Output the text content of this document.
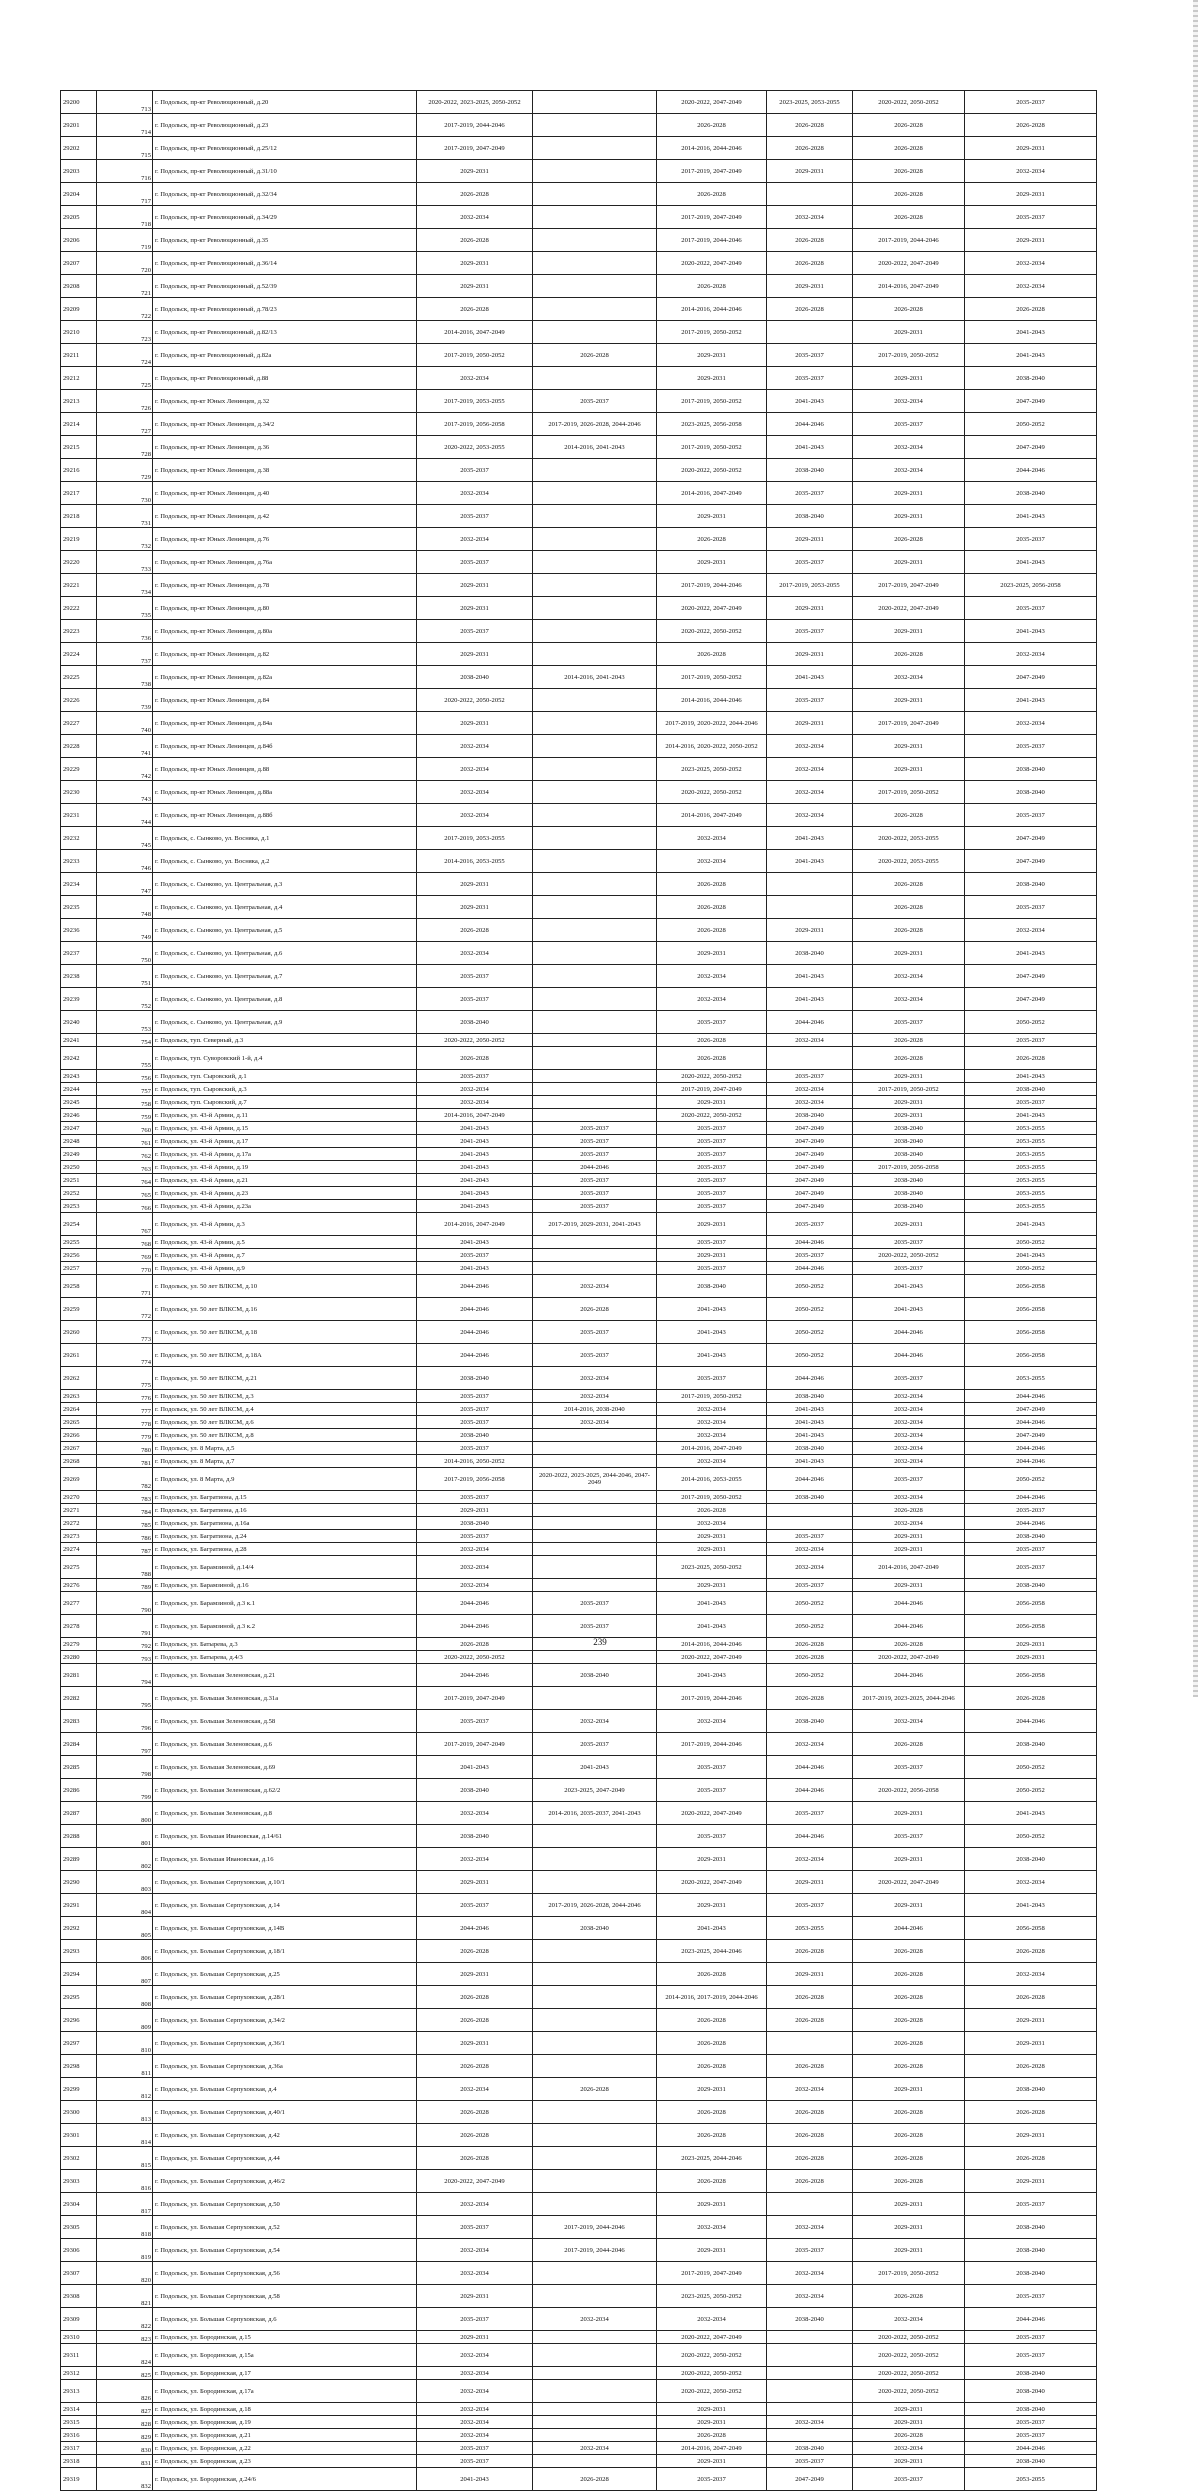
29200	713	г. Подольск, пр-кт Революционный, д.20	2020-2022, 2023-2025, 2050-2052		2020-2022, 2047-2049	2023-2025, 2053-2055	2020-2022, 2050-2052	2035-2037
29201	714	г. Подольск, пр-кт Революционный, д.23	2017-2019, 2044-2046		2026-2028	2026-2028	2026-2028	2026-2028
29202	715	г. Подольск, пр-кт Революционный, д.25/12	2017-2019, 2047-2049		2014-2016, 2044-2046	2026-2028	2026-2028	2029-2031
29203	716	г. Подольск, пр-кт Революционный, д.31/10	2029-2031		2017-2019, 2047-2049	2029-2031	2026-2028	2032-2034
29204	717	г. Подольск, пр-кт Революционный, д.32/34	2026-2028		2026-2028		2026-2028	2029-2031
29205	718	г. Подольск, пр-кт Революционный, д.34/29	2032-2034		2017-2019, 2047-2049	2032-2034	2026-2028	2035-2037
29206	719	г. Подольск, пр-кт Революционный, д.35	2026-2028		2017-2019, 2044-2046	2026-2028	2017-2019, 2044-2046	2029-2031
29207	720	г. Подольск, пр-кт Революционный, д.36/14	2029-2031		2020-2022, 2047-2049	2026-2028	2020-2022, 2047-2049	2032-2034
29208	721	г. Подольск, пр-кт Революционный, д.52/39	2029-2031		2026-2028	2029-2031	2014-2016, 2047-2049	2032-2034
29209	722	г. Подольск, пр-кт Революционный, д.78/23	2026-2028		2014-2016, 2044-2046	2026-2028	2026-2028	2026-2028
29210	723	г. Подольск, пр-кт Революционный, д.82/13	2014-2016, 2047-2049		2017-2019, 2050-2052		2029-2031	2041-2043
29211	724	г. Подольск, пр-кт Революционный, д.82а	2017-2019, 2050-2052	2026-2028	2029-2031	2035-2037	2017-2019, 2050-2052	2041-2043
29212	725	г. Подольск, пр-кт Революционный, д.88	2032-2034		2029-2031	2035-2037	2029-2031	2038-2040
29213	726	г. Подольск, пр-кт Юных Ленинцев, д.32	2017-2019, 2053-2055	2035-2037	2017-2019, 2050-2052	2041-2043	2032-2034	2047-2049
29214	727	г. Подольск, пр-кт Юных Ленинцев, д.34/2	2017-2019, 2056-2058	2017-2019, 2026-2028, 2044-2046	2023-2025, 2056-2058	2044-2046	2035-2037	2050-2052
29215	728	г. Подольск, пр-кт Юных Ленинцев, д.36	2020-2022, 2053-2055	2014-2016, 2041-2043	2017-2019, 2050-2052	2041-2043	2032-2034	2047-2049
29216	729	г. Подольск, пр-кт Юных Ленинцев, д.38	2035-2037		2020-2022, 2050-2052	2038-2040	2032-2034	2044-2046
29217	730	г. Подольск, пр-кт Юных Ленинцев, д.40	2032-2034		2014-2016, 2047-2049	2035-2037	2029-2031	2038-2040
29218	731	г. Подольск, пр-кт Юных Ленинцев, д.42	2035-2037		2029-2031	2038-2040	2029-2031	2041-2043
29219	732	г. Подольск, пр-кт Юных Ленинцев, д.76	2032-2034		2026-2028	2029-2031	2026-2028	2035-2037
29220	733	г. Подольск, пр-кт Юных Ленинцев, д.76а	2035-2037		2029-2031	2035-2037	2029-2031	2041-2043
29221	734	г. Подольск, пр-кт Юных Ленинцев, д.78	2029-2031		2017-2019, 2044-2046	2017-2019, 2053-2055	2017-2019, 2047-2049	2023-2025, 2056-2058
29222	735	г. Подольск, пр-кт Юных Ленинцев, д.80	2029-2031		2020-2022, 2047-2049	2029-2031	2020-2022, 2047-2049	2035-2037
29223	736	г. Подольск, пр-кт Юных Ленинцев, д.80а	2035-2037		2020-2022, 2050-2052	2035-2037	2029-2031	2041-2043
29224	737	г. Подольск, пр-кт Юных Ленинцев, д.82	2029-2031		2026-2028	2029-2031	2026-2028	2032-2034
29225	738	г. Подольск, пр-кт Юных Ленинцев, д.82а	2038-2040	2014-2016, 2041-2043	2017-2019, 2050-2052	2041-2043	2032-2034	2047-2049
29226	739	г. Подольск, пр-кт Юных Ленинцев, д.84	2020-2022, 2050-2052		2014-2016, 2044-2046	2035-2037	2029-2031	2041-2043
29227	740	г. Подольск, пр-кт Юных Ленинцев, д.84а	2029-2031		2017-2019, 2020-2022, 2044-2046	2029-2031	2017-2019, 2047-2049	2032-2034
29228	741	г. Подольск, пр-кт Юных Ленинцев, д.84б	2032-2034		2014-2016, 2020-2022, 2050-2052	2032-2034	2029-2031	2035-2037
29229	742	г. Подольск, пр-кт Юных Ленинцев, д.88	2032-2034		2023-2025, 2050-2052	2032-2034	2029-2031	2038-2040
29230	743	г. Подольск, пр-кт Юных Ленинцев, д.88а	2032-2034		2020-2022, 2050-2052	2032-2034	2017-2019, 2050-2052	2038-2040
29231	744	г. Подольск, пр-кт Юных Ленинцев, д.88б	2032-2034		2014-2016, 2047-2049	2032-2034	2026-2028	2035-2037
29232	745	г. Подольск, с. Сынково, ул. Восняка, д.1	2017-2019, 2053-2055		2032-2034	2041-2043	2020-2022, 2053-2055	2047-2049
29233	746	г. Подольск, с. Сынково, ул. Восняка, д.2	2014-2016, 2053-2055		2032-2034	2041-2043	2020-2022, 2053-2055	2047-2049
29234	747	г. Подольск, с. Сынково, ул. Центральная, д.3	2029-2031		2026-2028		2026-2028	2038-2040
29235	748	г. Подольск, с. Сынково, ул. Центральная, д.4	2029-2031		2026-2028		2026-2028	2035-2037
29236	749	г. Подольск, с. Сынково, ул. Центральная, д.5	2026-2028		2026-2028	2029-2031	2026-2028	2032-2034
29237	750	г. Подольск, с. Сынково, ул. Центральная, д.6	2032-2034		2029-2031	2038-2040	2029-2031	2041-2043
29238	751	г. Подольск, с. Сынково, ул. Центральная, д.7	2035-2037		2032-2034	2041-2043	2032-2034	2047-2049
29239	752	г. Подольск, с. Сынково, ул. Центральная, д.8	2035-2037		2032-2034	2041-2043	2032-2034	2047-2049
29240	753	г. Подольск, с. Сынково, ул. Центральная, д.9	2038-2040		2035-2037	2044-2046	2035-2037	2050-2052
29241	754	г. Подольск, туп. Северный, д.3	2020-2022, 2050-2052		2026-2028	2032-2034	2026-2028	2035-2037
29242	755	г. Подольск, туп. Суворовский 1-й, д.4	2026-2028		2026-2028		2026-2028	2026-2028
29243	756	г. Подольск, туп. Сыровский, д.1	2035-2037		2020-2022, 2050-2052	2035-2037	2029-2031	2041-2043
29244	757	г. Подольск, туп. Сыровский, д.3	2032-2034		2017-2019, 2047-2049	2032-2034	2017-2019, 2050-2052	2038-2040
29245	758	г. Подольск, туп. Сыровский, д.7	2032-2034		2029-2031	2032-2034	2029-2031	2035-2037
29246	759	г. Подольск, ул. 43-й Армии, д.11	2014-2016, 2047-2049		2020-2022, 2050-2052	2038-2040	2029-2031	2041-2043
29247	760	г. Подольск, ул. 43-й Армии, д.15	2041-2043	2035-2037	2035-2037	2047-2049	2038-2040	2053-2055
29248	761	г. Подольск, ул. 43-й Армии, д.17	2041-2043	2035-2037	2035-2037	2047-2049	2038-2040	2053-2055
29249	762	г. Подольск, ул. 43-й Армии, д.17а	2041-2043	2035-2037	2035-2037	2047-2049	2038-2040	2053-2055
29250	763	г. Подольск, ул. 43-й Армии, д.19	2041-2043	2044-2046	2035-2037	2047-2049	2017-2019, 2056-2058	2053-2055
29251	764	г. Подольск, ул. 43-й Армии, д.21	2041-2043	2035-2037	2035-2037	2047-2049	2038-2040	2053-2055
29252	765	г. Подольск, ул. 43-й Армии, д.23	2041-2043	2035-2037	2035-2037	2047-2049	2038-2040	2053-2055
29253	766	г. Подольск, ул. 43-й Армии, д.23а	2041-2043	2035-2037	2035-2037	2047-2049	2038-2040	2053-2055
29254	767	г. Подольск, ул. 43-й Армии, д.3	2014-2016, 2047-2049	2017-2019, 2029-2031, 2041-2043	2029-2031	2035-2037	2029-2031	2041-2043
29255	768	г. Подольск, ул. 43-й Армии, д.5	2041-2043		2035-2037	2044-2046	2035-2037	2050-2052
29256	769	г. Подольск, ул. 43-й Армии, д.7	2035-2037		2029-2031	2035-2037	2020-2022, 2050-2052	2041-2043
29257	770	г. Подольск, ул. 43-й Армии, д.9	2041-2043		2035-2037	2044-2046	2035-2037	2050-2052
29258	771	г. Подольск, ул. 50 лет ВЛКСМ, д.10	2044-2046	2032-2034	2038-2040	2050-2052	2041-2043	2056-2058
29259	772	г. Подольск, ул. 50 лет ВЛКСМ, д.16	2044-2046	2026-2028	2041-2043	2050-2052	2041-2043	2056-2058
29260	773	г. Подольск, ул. 50 лет ВЛКСМ, д.18	2044-2046	2035-2037	2041-2043	2050-2052	2044-2046	2056-2058
29261	774	г. Подольск, ул. 50 лет ВЛКСМ, д.18А	2044-2046	2035-2037	2041-2043	2050-2052	2044-2046	2056-2058
29262	775	г. Подольск, ул. 50 лет ВЛКСМ, д.21	2038-2040	2032-2034	2035-2037	2044-2046	2035-2037	2053-2055
29263	776	г. Подольск, ул. 50 лет ВЛКСМ, д.3	2035-2037	2032-2034	2017-2019, 2050-2052	2038-2040	2032-2034	2044-2046
29264	777	г. Подольск, ул. 50 лет ВЛКСМ, д.4	2035-2037	2014-2016, 2038-2040	2032-2034	2041-2043	2032-2034	2047-2049
29265	778	г. Подольск, ул. 50 лет ВЛКСМ, д.6	2035-2037	2032-2034	2032-2034	2041-2043	2032-2034	2044-2046
29266	779	г. Подольск, ул. 50 лет ВЛКСМ, д.8	2038-2040		2032-2034	2041-2043	2032-2034	2047-2049
29267	780	г. Подольск, ул. 8 Марта, д.5	2035-2037		2014-2016, 2047-2049	2038-2040	2032-2034	2044-2046
29268	781	г. Подольск, ул. 8 Марта, д.7	2014-2016, 2050-2052		2032-2034	2041-2043	2032-2034	2044-2046
29269	782	г. Подольск, ул. 8 Марта, д.9	2017-2019, 2056-2058	2020-2022, 2023-2025, 2044-2046, 2047-2049	2014-2016, 2053-2055	2044-2046	2035-2037	2050-2052
29270	783	г. Подольск, ул. Багратиона, д.15	2035-2037		2017-2019, 2050-2052	2038-2040	2032-2034	2044-2046
29271	784	г. Подольск, ул. Багратиона, д.16	2029-2031		2026-2028		2026-2028	2035-2037
29272	785	г. Подольск, ул. Багратиона, д.16а	2038-2040		2032-2034		2032-2034	2044-2046
29273	786	г. Подольск, ул. Багратиона, д.24	2035-2037		2029-2031	2035-2037	2029-2031	2038-2040
29274	787	г. Подольск, ул. Багратиона, д.28	2032-2034		2029-2031	2032-2034	2029-2031	2035-2037
29275	788	г. Подольск, ул. Барамзиной, д.14/4	2032-2034		2023-2025, 2050-2052	2032-2034	2014-2016, 2047-2049	2035-2037
29276	789	г. Подольск, ул. Барамзиной, д.16	2032-2034		2029-2031	2035-2037	2029-2031	2038-2040
29277	790	г. Подольск, ул. Барамзиной, д.3 к.1	2044-2046	2035-2037	2041-2043	2050-2052	2044-2046	2056-2058
29278	791	г. Подольск, ул. Барамзиной, д.3 к.2	2044-2046	2035-2037	2041-2043	2050-2052	2044-2046	2056-2058
29279	792	г. Подольск, ул. Батырева, д.3	2026-2028		2014-2016, 2044-2046	2026-2028	2026-2028	2029-2031
29280	793	г. Подольск, ул. Батырева, д.4/3	2020-2022, 2050-2052		2020-2022, 2047-2049	2026-2028	2020-2022, 2047-2049	2029-2031
29281	794	г. Подольск, ул. Большая Зеленовская, д.21	2044-2046	2038-2040	2041-2043	2050-2052	2044-2046	2056-2058
29282	795	г. Подольск, ул. Большая Зеленовская, д.31а	2017-2019, 2047-2049		2017-2019, 2044-2046	2026-2028	2017-2019, 2023-2025, 2044-2046	2026-2028
29283	796	г. Подольск, ул. Большая Зеленовская, д.58	2035-2037	2032-2034	2032-2034	2038-2040	2032-2034	2044-2046
29284	797	г. Подольск, ул. Большая Зеленовская, д.6	2017-2019, 2047-2049	2035-2037	2017-2019, 2044-2046	2032-2034	2026-2028	2038-2040
29285	798	г. Подольск, ул. Большая Зеленовская, д.69	2041-2043	2041-2043	2035-2037	2044-2046	2035-2037	2050-2052
29286	799	г. Подольск, ул. Большая Зеленовская, д.62/2	2038-2040	2023-2025, 2047-2049	2035-2037	2044-2046	2020-2022, 2056-2058	2050-2052
29287	800	г. Подольск, ул. Большая Зеленовская, д.8	2032-2034	2014-2016, 2035-2037, 2041-2043	2020-2022, 2047-2049	2035-2037	2029-2031	2041-2043
29288	801	г. Подольск, ул. Большая Ивановская, д.14/61	2038-2040		2035-2037	2044-2046	2035-2037	2050-2052
29289	802	г. Подольск, ул. Большая Ивановская, д.16	2032-2034		2029-2031	2032-2034	2029-2031	2038-2040
29290	803	г. Подольск, ул. Большая Серпуховская, д.10/1	2029-2031		2020-2022, 2047-2049	2029-2031	2020-2022, 2047-2049	2032-2034
29291	804	г. Подольск, ул. Большая Серпуховская, д.14	2035-2037	2017-2019, 2026-2028, 2044-2046	2029-2031	2035-2037	2029-2031	2041-2043
29292	805	г. Подольск, ул. Большая Серпуховская, д.14В	2044-2046	2038-2040	2041-2043	2053-2055	2044-2046	2056-2058
29293	806	г. Подольск, ул. Большая Серпуховская, д.18/1	2026-2028		2023-2025, 2044-2046	2026-2028	2026-2028	2026-2028
29294	807	г. Подольск, ул. Большая Серпуховская, д.25	2029-2031		2026-2028	2029-2031	2026-2028	2032-2034
29295	808	г. Подольск, ул. Большая Серпуховская, д.28/1	2026-2028		2014-2016, 2017-2019, 2044-2046	2026-2028	2026-2028	2026-2028
29296	809	г. Подольск, ул. Большая Серпуховская, д.34/2	2026-2028		2026-2028	2026-2028	2026-2028	2029-2031
29297	810	г. Подольск, ул. Большая Серпуховская, д.36/1	2029-2031		2026-2028		2026-2028	2029-2031
29298	811	г. Подольск, ул. Большая Серпуховская, д.36а	2026-2028		2026-2028	2026-2028	2026-2028	2026-2028
29299	812	г. Подольск, ул. Большая Серпуховская, д.4	2032-2034	2026-2028	2029-2031	2032-2034	2029-2031	2038-2040
29300	813	г. Подольск, ул. Большая Серпуховская, д.40/1	2026-2028		2026-2028	2026-2028	2026-2028	2026-2028
29301	814	г. Подольск, ул. Большая Серпуховская, д.42	2026-2028		2026-2028	2026-2028	2026-2028	2029-2031
29302	815	г. Подольск, ул. Большая Серпуховская, д.44	2026-2028		2023-2025, 2044-2046	2026-2028	2026-2028	2026-2028
29303	816	г. Подольск, ул. Большая Серпуховская, д.46/2	2020-2022, 2047-2049		2026-2028	2026-2028	2026-2028	2029-2031
29304	817	г. Подольск, ул. Большая Серпуховская, д.50	2032-2034		2029-2031		2029-2031	2035-2037
29305	818	г. Подольск, ул. Большая Серпуховская, д.52	2035-2037	2017-2019, 2044-2046	2032-2034	2032-2034	2029-2031	2038-2040
29306	819	г. Подольск, ул. Большая Серпуховская, д.54	2032-2034	2017-2019, 2044-2046	2029-2031	2035-2037	2029-2031	2038-2040
29307	820	г. Подольск, ул. Большая Серпуховская, д.56	2032-2034		2017-2019, 2047-2049	2032-2034	2017-2019, 2050-2052	2038-2040
29308	821	г. Подольск, ул. Большая Серпуховская, д.58	2029-2031		2023-2025, 2050-2052	2032-2034	2026-2028	2035-2037
29309	822	г. Подольск, ул. Большая Серпуховская, д.6	2035-2037	2032-2034	2032-2034	2038-2040	2032-2034	2044-2046
29310	823	г. Подольск, ул. Бородинская, д.15	2029-2031		2020-2022, 2047-2049		2020-2022, 2050-2052	2035-2037
29311	824	г. Подольск, ул. Бородинская, д.15а	2032-2034		2020-2022, 2050-2052		2020-2022, 2050-2052	2035-2037
29312	825	г. Подольск, ул. Бородинская, д.17	2032-2034		2020-2022, 2050-2052		2020-2022, 2050-2052	2038-2040
29313	826	г. Подольск, ул. Бородинская, д.17а	2032-2034		2020-2022, 2050-2052		2020-2022, 2050-2052	2038-2040
29314	827	г. Подольск, ул. Бородинская, д.18	2032-2034		2029-2031		2029-2031	2038-2040
29315	828	г. Подольск, ул. Бородинская, д.19	2032-2034		2029-2031	2032-2034	2029-2031	2035-2037
29316	829	г. Подольск, ул. Бородинская, д.21	2032-2034		2026-2028		2026-2028	2035-2037
29317	830	г. Подольск, ул. Бородинская, д.22	2035-2037	2032-2034	2014-2016, 2047-2049	2038-2040	2032-2034	2044-2046
29318	831	г. Подольск, ул. Бородинская, д.23	2035-2037		2029-2031	2035-2037	2029-2031	2038-2040
29319	832	г. Подольск, ул. Бородинская, д.24/6	2041-2043	2026-2028	2035-2037	2047-2049	2035-2037	2053-2055
239
